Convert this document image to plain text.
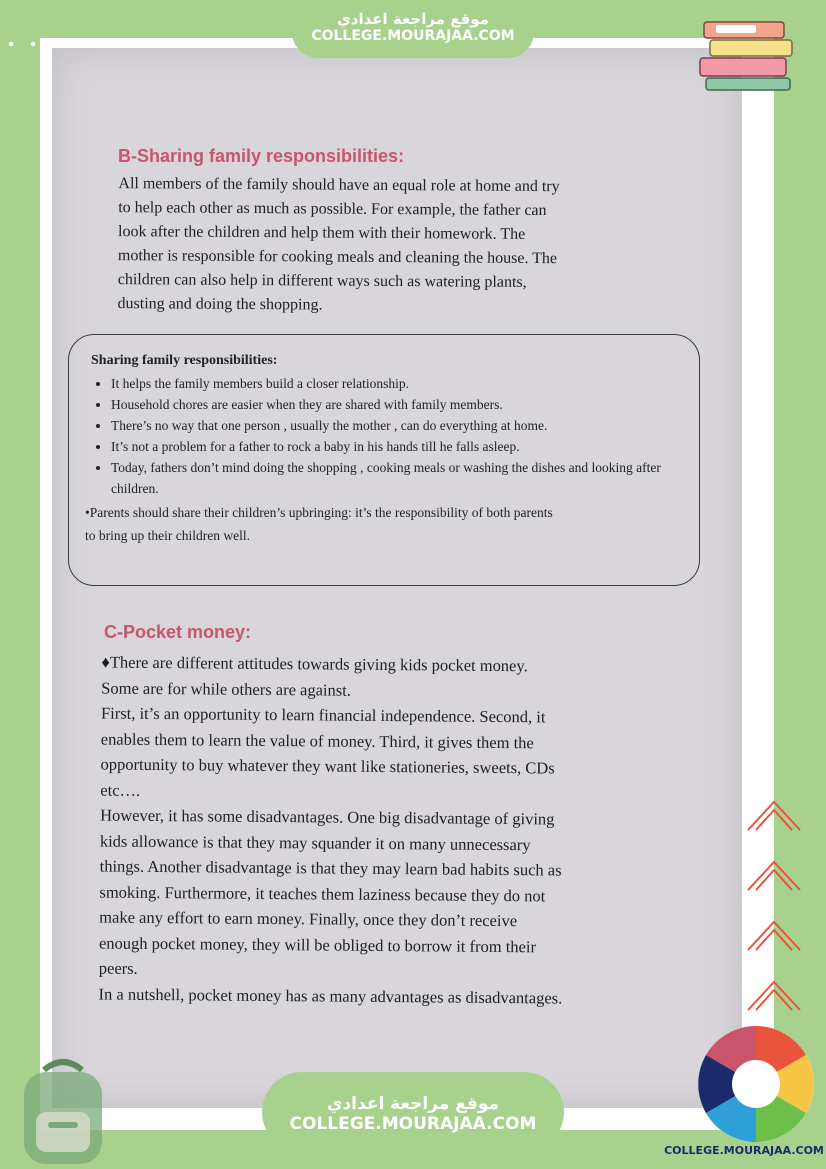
B-Sharing family responsibilities:
All members of the family should have an equal role at home and try
to help each other as much as possible. For example, the father can
look after the children and help them with their homework. The
mother is responsible for cooking meals and cleaning the house. The
children can also help in different ways such as watering plants,
dusting and doing the shopping.
Sharing family responsibilities:
• It helps the family members build a closer relationship.
• Household chores are easier when they are shared with family members.
• There’s no way that one person , usually the mother , can do everything at home.
• It’s not a problem for a father to rock a baby in his hands till he falls asleep.
• Today, fathers don’t mind doing the shopping , cooking meals or washing the dishes and looking after children.
•Parents should share their children’s upbringing: it’s the responsibility of both parents
to bring up their children well.
C-Pocket money:

♦There are different attitudes towards giving kids pocket money.

Some are for while others are against.

First, it’s an opportunity to learn financial independence. Second, it

enables them to learn the value of money. Third, it gives them the

opportunity to buy whatever they want like stationeries, sweets, CDs

etc….

However, it has some disadvantages. One big disadvantage of giving

kids allowance is that they may squander it on many unnecessary

things. Another disadvantage is that they may learn bad habits such as

smoking. Furthermore, it teaches them laziness because they do not

make any effort to earn money. Finally, once they don’t receive

enough pocket money, they will be obliged to borrow it from their

peers.

In a nutshell, pocket money has as many advantages as disadvantages.

موقع مراجعة اعدادي
COLLEGE.MOURAJAA.COM
موقع مراجعة اعدادي
COLLEGE.MOURAJAA.COM
COLLEGE.MOURAJAA.COM
